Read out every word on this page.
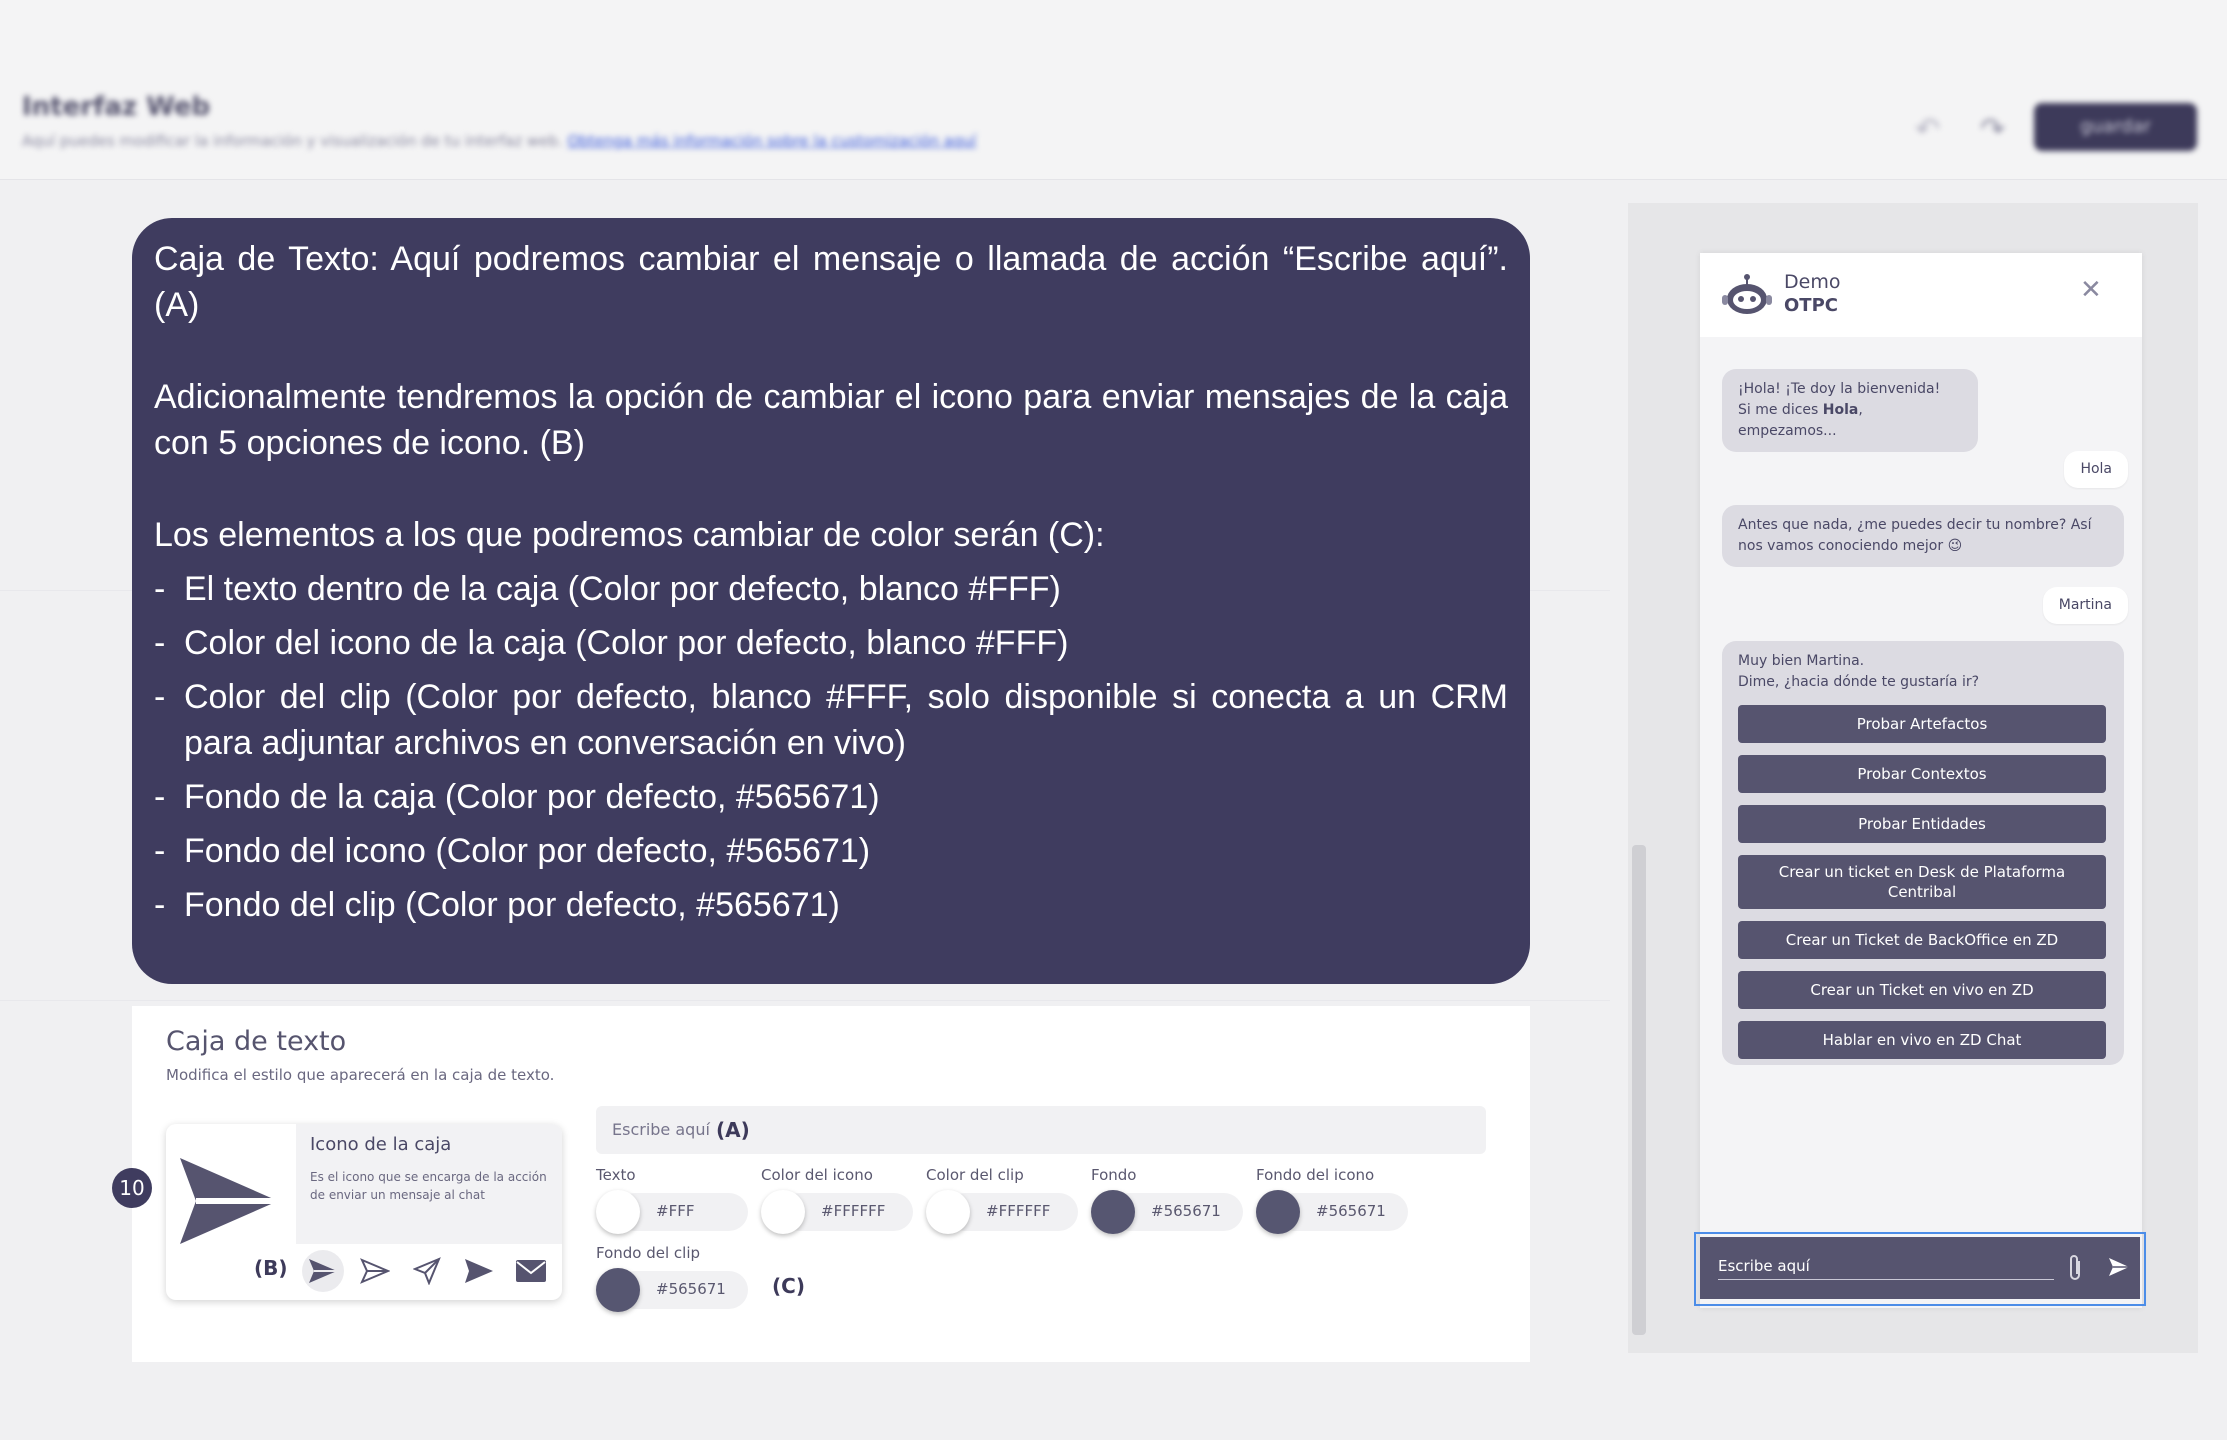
Interfaz Web
Aquí puedes modificar la información y visualización de tu interfaz web. Obtenga más información sobre la customización aquí	↶ ↷	guardar

Caja de Texto: Aquí podremos cambiar el mensaje o llamada de acción “Escribe aquí”. (A)

Adicionalmente tendremos la opción de cambiar el icono para enviar mensajes de la caja con 5 opciones de icono. (B)

Los elementos a los que podremos cambiar de color serán (C):
- El texto dentro de la caja (Color por defecto, blanco #FFF)
- Color del icono de la caja (Color por defecto, blanco #FFF)
- Color del clip (Color por defecto, blanco #FFF, solo disponible si conecta a un CRM para adjuntar archivos en conversación en vivo)
- Fondo de la caja (Color por defecto, #565671)
- Fondo del icono (Color por defecto, #565671)
- Fondo del clip (Color por defecto, #565671)
Caja de texto
Modifica el estilo que aparecerá en la caja de texto.
10
Icono de la caja
Es el icono que se encarga de la acción de enviar un mensaje al chat
(B)
Escribe aquí (A)
Texto
#FFF
Color del icono
#FFFFFF
Color del clip
#FFFFFF
Fondo
#565671
Fondo del icono
#565671
Fondo del clip
#565671 (C)
Demo
OTPC
✕
¡Hola! ¡Te doy la bienvenida!
Si me dices Hola, empezamos...
Hola
Antes que nada, ¿me puedes decir tu nombre? Así nos vamos conociendo mejor 😉
Martina
Muy bien Martina.
Dime, ¿hacia dónde te gustaría ir?
Probar Artefactos
Probar Contextos
Probar Entidades
Crear un ticket en Desk de Plataforma Centribal
Crear un Ticket de BackOffice en ZD
Crear un Ticket en vivo en ZD
Hablar en vivo en ZD Chat
Escribe aquí
